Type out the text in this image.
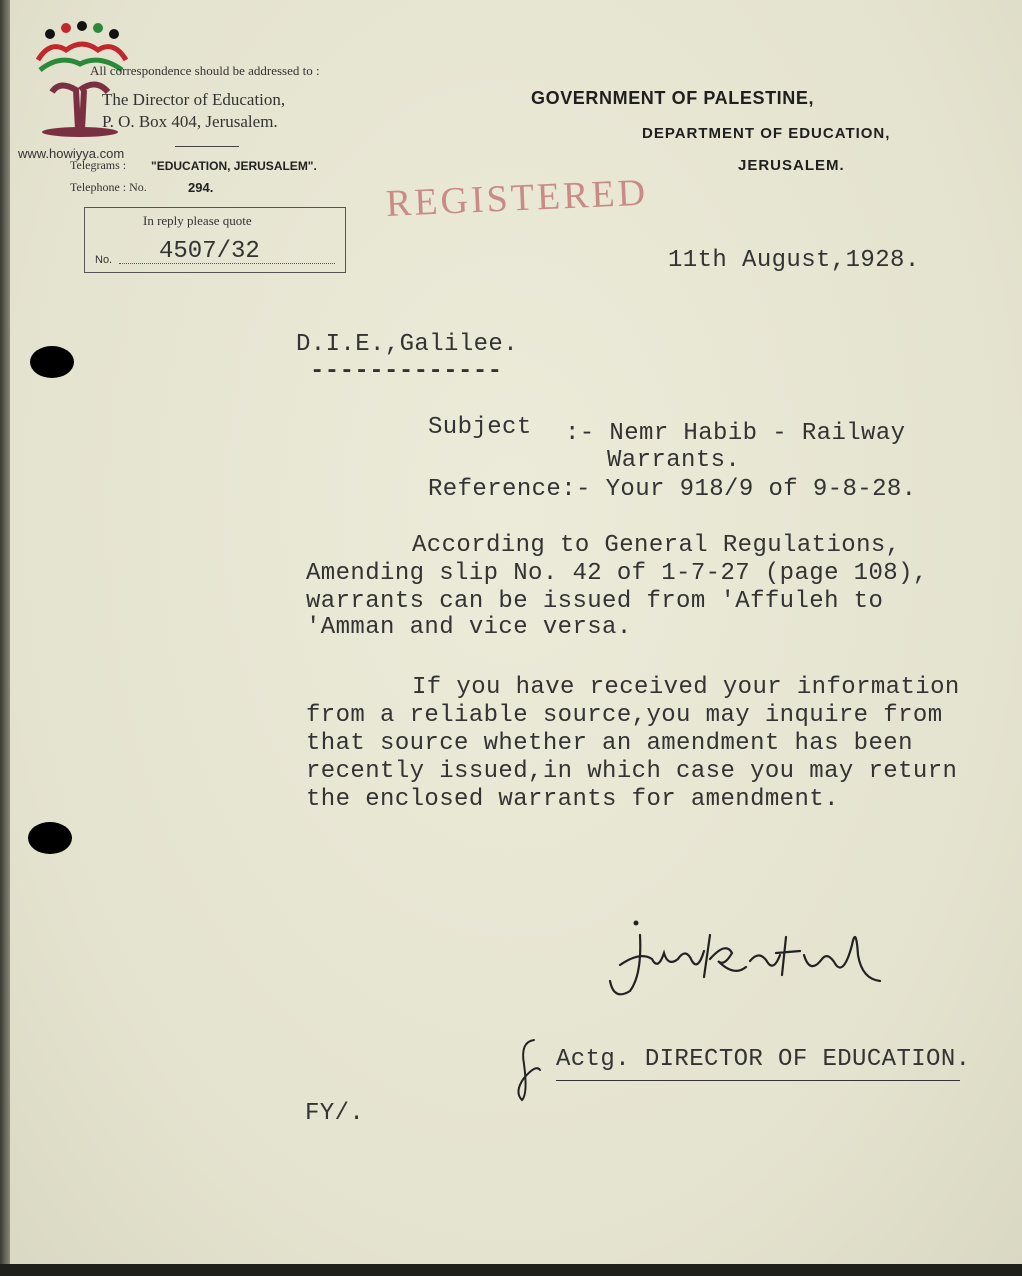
www.howiyya.com
All correspondence should be addressed to :
The Director of Education,
P. O. Box 404, Jerusalem.
Telegrams : "EDUCATION, JERUSALEM".
Telephone : No.	294.
In reply please quote
No. 4507/32
GOVERNMENT OF PALESTINE,
DEPARTMENT OF EDUCATION,
JERUSALEM.
REGISTERED
11th August,1928.
D.I.E.,Galilee.
-------------
Subject :- Nemr Habib - Railway
Warrants.
Reference:- Your 918/9 of 9-8-28.
According to General Regulations,
Amending slip No. 42 of 1-7-27 (page 108),
warrants can be issued from 'Affuleh to
'Amman and vice versa.
If you have received your information
from a reliable source,you may inquire from
that source whether an amendment has been
recently issued,in which case you may return
the enclosed warrants for amendment.
Actg. DIRECTOR OF EDUCATION.
FY/.
